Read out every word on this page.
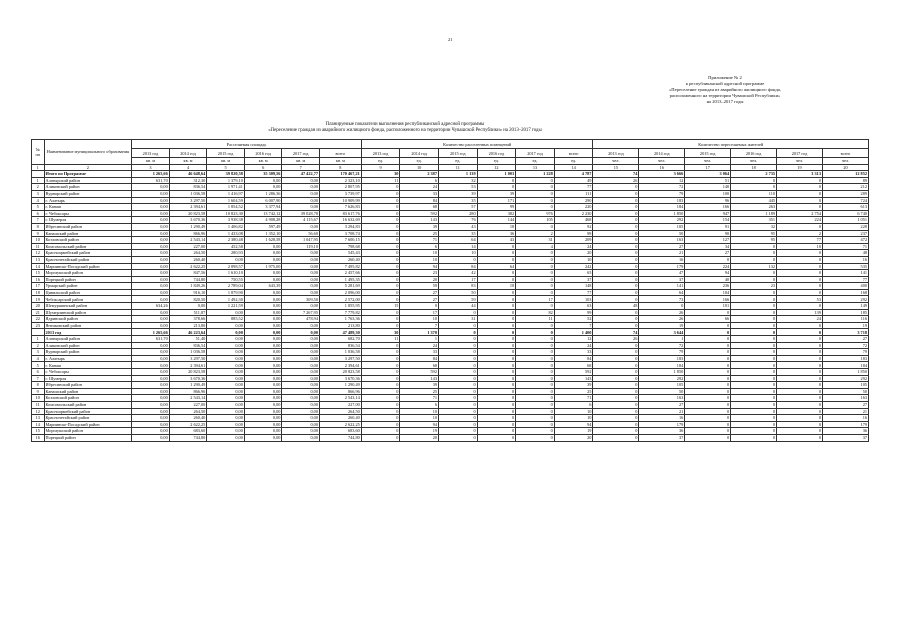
21
Приложение № 2
к республиканской адресной программе
«Переселение граждан из аварийного жилищного фонда,
расположенного на территории Чувашской Республики»
на 2013–2017 годы
Планируемые показатели выполнения республиканской адресной программы
«Переселение граждан из аварийного жилищного фонда, расположенного на территории Чувашской Республики» на 2013–2017 годы
№ пп	Наименование муниципального образования	Расселяемая площадь						Количество расселенных помещений						Количество переселяемых жителей					
		2013 год	2014 год	2015 год	2016 год	2017 год	всего	2013 год	2014 год	2015 год	2016 год	2017 год	всего	2013 год	2014 год	2015 год	2016 год	2017 год	всего
		кв. м	кв. м	кв. м	кв. м	кв. м	кв. м	ед.	ед.	ед.	ед.	ед.	ед.	чел.	чел.	чел.	чел.	чел.	чел.
1	2	3	4	5	6	7	8	9	10	11	12	13	14	15	16	17	18	19	20
	Итого по Программе	1 265,66	46 648,64	39 820,58	35 309,56	47 422,77	170 467,21	30	2 387	1 139	1 003	1 228	4 787	74	3 666	3 064	2 735	3 313	12 852
1	Алатырский район	631,70	312,30	1 379,10	0,00	0,00	2 323,10	11	6	32	0	0	49	26	12	51	0	0	89
2	Аликовский район	0,00	836,54	1 971,41	0,00	0,00	2 807,95	0	24	53	0	0	77	0	72	140	0	0	212
3	Вурнарский район	0,00	1 036,58	1 416,97	1 286,36	0,00	3 739,97	0	33	39	39	0	111	0	79	100	110	0	289
4	г. Алатырь	0,00	3 297,50	1 604,59	6 007,90	0,00	10 909,99	0	84	35	171	0	290	0	183	96	445	0	724
5	г. Канаш	0,00	2 394,61	1 854,52	3 377,94	0,00	7 626,83	0	68	57	99	0	220	0	184	166	263	0	613
6	г. Чебоксары	0,00	20 823,58	10 823,30	13 742,12	39 028,78	83 617,76	0	592	280	382	976	2 230	0	1 850	947	1 189	2 754	6 740
7	г. Шумерля	0,00	3 670,36	3 938,38	4 908,28	4 115,67	16 632,69	0	143	76	144	105	468	0	292	154	351	224	1 051
8	Ибресинский район	0,00	1 290,49	1 406,82	597,49	0,00	3 294,83	0	39	43	18	0	92	0	105	91	32	0	228
9	Канашский район	0,00	866,96	1 433,08	1 352,10	56,60	3 708,74	0	25	35	36	2	98	0	50	90	95	2	237
10	Козловский район	0,00	2 543,14	2 380,48	1 628,58	1 047,95	7 600,15	0	71	64	43	31	209	0	163	127	95	77	472
11	Комсомольский район	0,00	227,00	452,58	0,00	119,10	798,68	0	6	14	0	4	24	0	27	34	0	10	71
12	Красноармейский район	0,00	264,50	280,93	0,00	0,00	545,43	0	10	10	0	0	20	0	21	27	0	0	48
13	Красночетайский район	0,00	260,40	0,00	0,00	0,00	260,40	0	10	0	0	0	10	0	16	0	0	0	16
14	Мариинско-Посадский район	0,00	2 622,25	2 898,57	1 975,00	0,00	7 495,82	0	94	84	64	0	242	0	179	224	132	0	535
15	Моргаушский район	0,00	847,56	1 610,10	0,00	0,00	2 457,66	0	23	42	0	0	65	0	47	94	0	0	141
16	Порецкий район	0,00	744,80	750,55	0,00	0,00	1 495,35	0	20	17	0	0	37	0	37	40	0	0	77
17	Урмарский район	0,00	1 849,26	2 789,04	643,39	0,00	5 281,69	0	59	83	10	0	148	0	141	236	23	0	400
18	Цивильский район	0,00	916,10	1 879,90	0,00	0,00	2 096,00	0	27	50	0	0	77	0	64	104	0	0	168
19	Чебоксарский район	0,00	820,50	1 492,30	0,00	309,50	2 572,00	0	27	59	0	17	103	0	73	166	0	53	292
20	Шемуршинский район	634,26	0,00	1 221,59	0,00	0,00	1 855,95	15	0	44	0	0	63	48	0	101	0	0	149
21	Шумерлинский район	0,00	511,87	0,00	0,00	7 267,95	7 779,82	0	17	0	0	82	99	0	26	0	0	139	185
22	Ядринский район	0,00	378,66	885,52	0,00	478,94	1 763,36	0	10	31	0	11	52	0	26	66	0	24	116
23	Янтиковский район	0,00	213,80	0,00	0,00	0,00	213,80	0	7	0	0	0	7	0	19	0	0	0	19
	2013 год	1 265,66	46 223,64	0,00	0,00	0,00	47 489,30	30	1 370	0	0	0	1 400	74	3 644	0	0	0	3 718
1	Алатырский район	631,70	51,40	0,00	0,00	0,00	682,70	11	1	0	0	0	12	26	1	0	0	0	27
2	Аликовский район	0,00	836,54	0,00	0,00	0,00	836,54	0	24	0	0	0	24	0	72	0	0	0	72
3	Вурнарский район	0,00	1 036,58	0,00	0,00	0,00	1 036,58	0	33	0	0	0	33	0	79	0	0	0	79
4	г. Алатырь	0,00	3 297,50	0,00	0,00	0,00	3 297,50	0	84	0	0	0	84	0	183	0	0	0	183
5	г. Канаш	0,00	2 394,61	0,00	0,00	0,00	2 394,61	0	68	0	0	0	68	0	184	0	0	0	184
6	г. Чебоксары	0,00	20 823,58	0,00	0,00	0,00	20 823,58	0	592	0	0	0	592	0	1 850	0	0	0	1 850
7	г. Шумерля	0,00	3 670,36	0,00	0,00	0,00	3 670,36	0	143	0	0	0	143	0	292	0	0	0	292
8	Ибресинский район	0,00	1 290,49	0,00	0,00	0,00	1 290,49	0	39	0	0	0	39	0	105	0	0	0	105
9	Канашский район	0,00	866,96	0,00	0,00	0,00	866,96	0	25	0	0	0	25	0	50	0	0	0	50
10	Козловский район	0,00	2 543,14	0,00	0,00	0,00	2 543,14	0	71	0	0	0	71	0	163	0	0	0	163
11	Комсомольский район	0,00	227,00	0,00	0,00	0,00	227,00	0	6	0	0	0	6	0	27	0	0	0	27
12	Красноармейский район	0,00	264,50	0,00	0,00	0,00	264,50	0	10	0	0	0	10	0	21	0	0	0	21
13	Красночетайский район	0,00	260,40	0,00	0,00	0,00	260,40	0	10	0	0	0	10	0	16	0	0	0	16
14	Мариинско-Посадский район	0,00	2 622,25	0,00	0,00	0,00	2 622,25	0	94	0	0	0	94	0	179	0	0	0	179
15	Моргаушский район	0,00	683,60	0,00	0,00	0,00	683,60	0	19	0	0	0	19	0	36	0	0	0	36
16	Порецкий район	0,00	744,80	0,00	0,00	0,00	744,80	0	20	0	0	0	20	0	37	0	0	0	37
